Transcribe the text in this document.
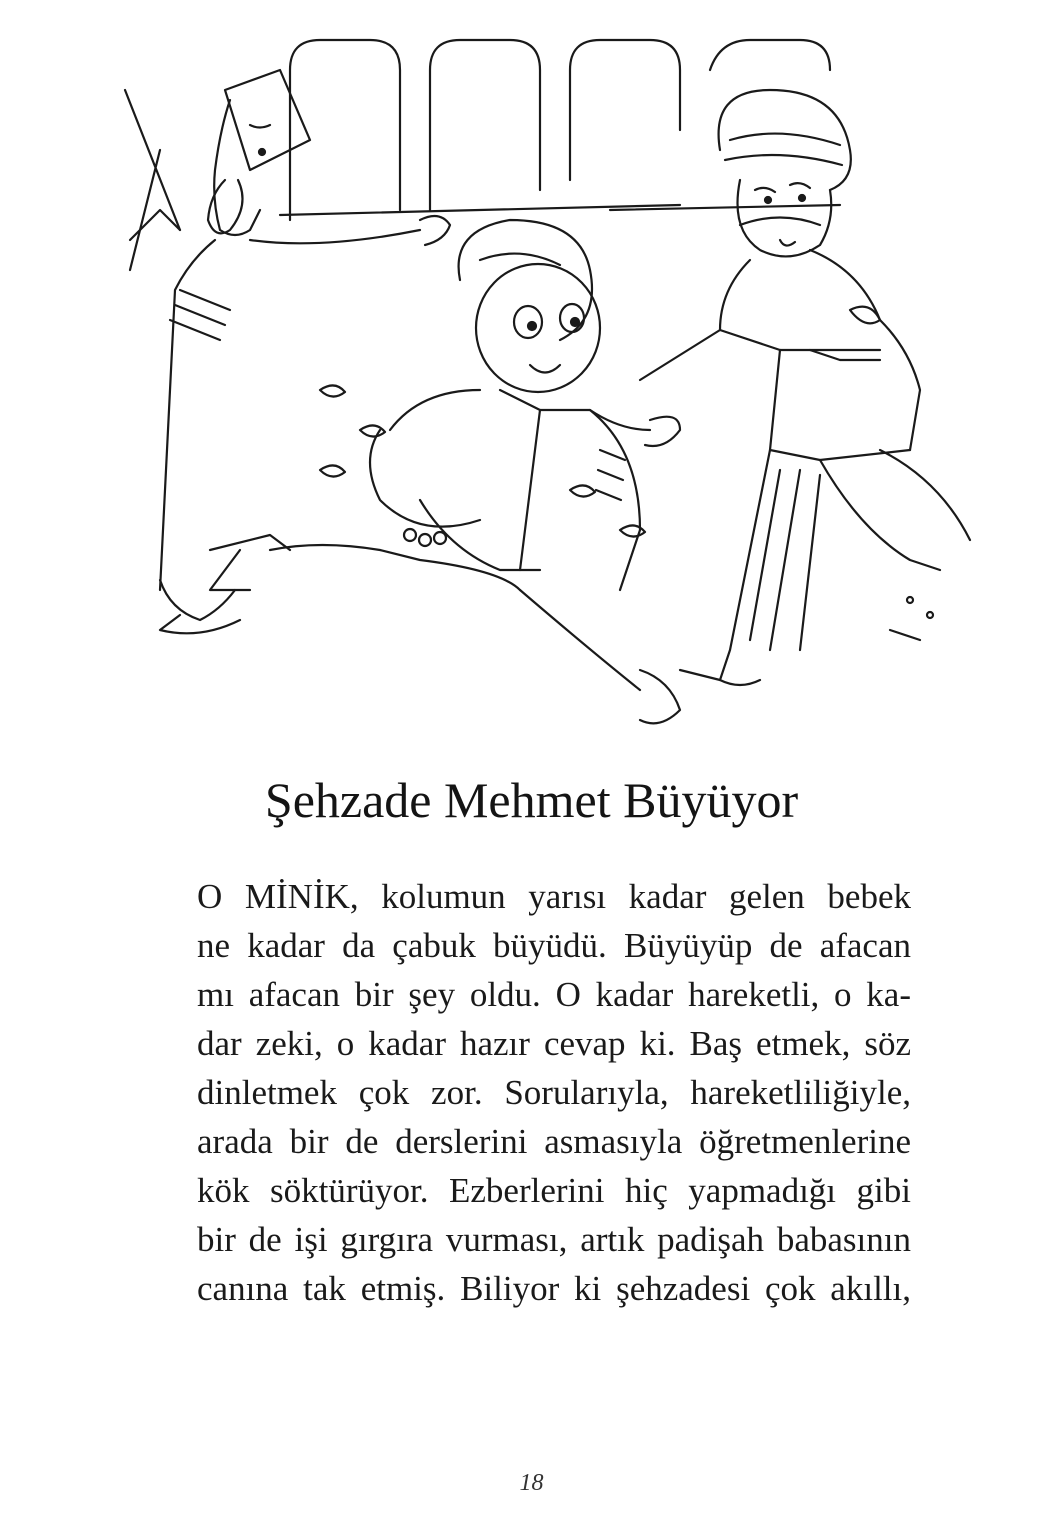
Şehzade Mehmet Büyüyor
O MİNİK, kolumun yarısı kadar gelen bebek
ne kadar da çabuk büyüdü. Büyüyüp de afacan
mı afacan bir şey oldu. O kadar hareketli, o ka-
dar zeki, o kadar hazır cevap ki. Baş etmek, söz
dinletmek çok zor. Sorularıyla, hareketliliğiyle,
arada bir de derslerini asmasıyla öğretmenlerine
kök söktürüyor. Ezberlerini hiç yapmadığı gibi
bir de işi gırgıra vurması, artık padişah babasının
canına tak etmiş. Biliyor ki şehzadesi çok akıllı,
18
